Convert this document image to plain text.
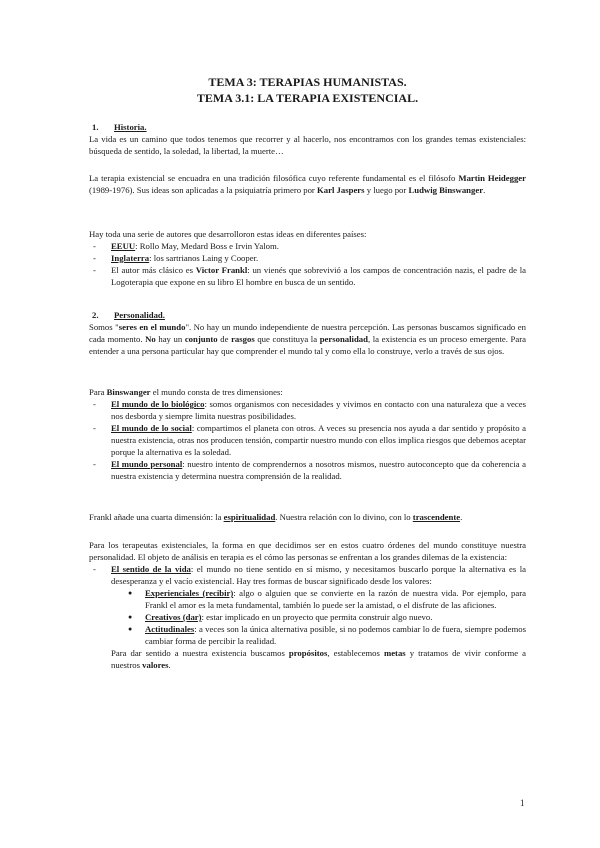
TEMA 3: TERAPIAS HUMANISTAS.
TEMA 3.1: LA TERAPIA EXISTENCIAL.
1. Historia.

La vida es un camino que todos tenemos que recorrer y al hacerlo, nos encontramos con los grandes temas existenciales: búsqueda de sentido, la soledad, la libertad, la muerte…

La terapia existencial se encuadra en una tradición filosófica cuyo referente fundamental es el filósofo Martin Heidegger (1989-1976). Sus ideas son aplicadas a la psiquiatría primero por Karl Jaspers y luego por Ludwig Binswanger.

Hay toda una serie de autores que desarrolloron estas ideas en diferentes países:

- EEUU: Rollo May, Medard Boss e Irvin Yalom.
- Inglaterra: los sartrianos Laing y Cooper.
- El autor más clásico es Victor Frankl: un vienés que sobrevivió a los campos de concentración nazis, el padre de la Logoterapia que expone en su libro El hombre en busca de un sentido.
2. Personalidad.

Somos "seres en el mundo". No hay un mundo independiente de nuestra percepción. Las personas buscamos significado en cada momento. No hay un conjunto de rasgos que constituya la personalidad, la existencia es un proceso emergente. Para entender a una persona particular hay que comprender el mundo tal y como ella lo construye, verlo a través de sus ojos.

Para Binswanger el mundo consta de tres dimensiones:

- El mundo de lo biológico: somos organismos con necesidades y vivimos en contacto con una naturaleza que a veces nos desborda y siempre limita nuestras posibilidades.
- El mundo de lo social: compartimos el planeta con otros. A veces su presencia nos ayuda a dar sentido y propósito a nuestra existencia, otras nos producen tensión, compartir nuestro mundo con ellos implica riesgos que debemos aceptar porque la alternativa es la soledad.
- El mundo personal: nuestro intento de comprendernos a nosotros mismos, nuestro autoconcepto que da coherencia a nuestra existencia y determina nuestra comprensión de la realidad.

Frankl añade una cuarta dimensión: la espiritualidad. Nuestra relación con lo divino, con lo trascendente.

Para los terapeutas existenciales, la forma en que decidimos ser en estos cuatro órdenes del mundo constituye nuestra personalidad. El objeto de análisis en terapia es el cómo las personas se enfrentan a los grandes dilemas de la existencia:

- El sentido de la vida: el mundo no tiene sentido en sí mismo, y necesitamos buscarlo porque la alternativa es la desesperanza y el vacío existencial. Hay tres formas de buscar significado desde los valores:
● Experienciales (recibir): algo o alguien que se convierte en la razón de nuestra vida. Por ejemplo, para Frankl el amor es la meta fundamental, también lo puede ser la amistad, o el disfrute de las aficiones.
● Creativos (dar): estar implicado en un proyecto que permita construir algo nuevo.
● Actitudinales: a veces son la única alternativa posible, si no podemos cambiar lo de fuera, siempre podemos cambiar forma de percibir la realidad.

Para dar sentido a nuestra existencia buscamos propósitos, establecemos metas y tratamos de vivir conforme a nuestros valores.

1
